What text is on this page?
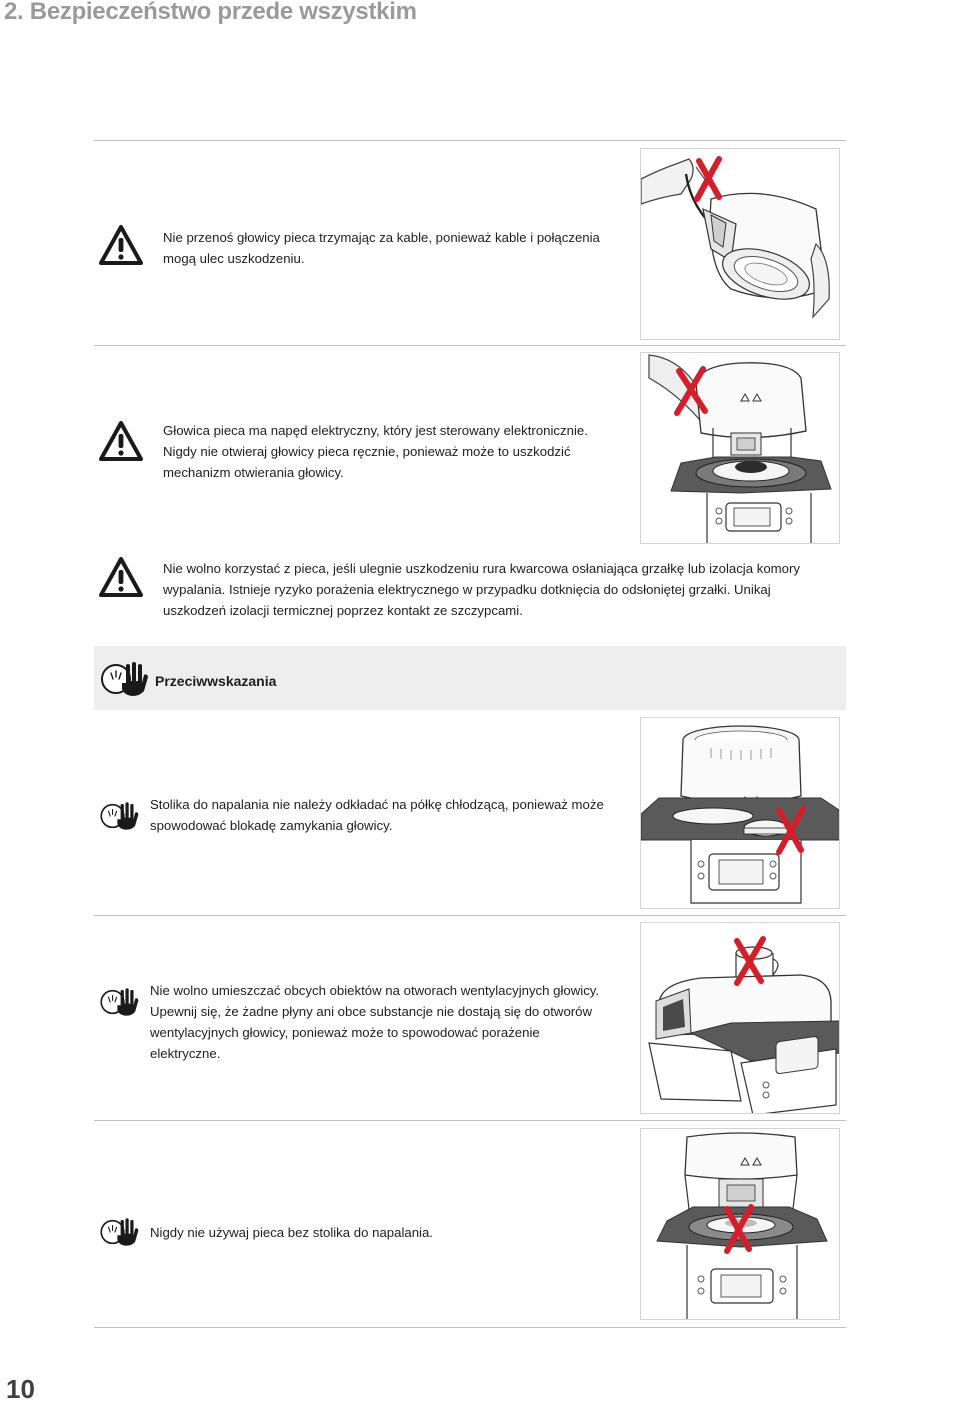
2. Bezpieczeństwo przede wszystkim
Nie przenoś głowicy pieca trzymając za kable, ponieważ kable i połączenia
mogą ulec uszkodzeniu.
Głowica pieca ma napęd elektryczny, który jest sterowany elektronicznie.
Nigdy nie otwieraj głowicy pieca ręcznie, ponieważ może to uszkodzić
mechanizm otwierania głowicy.
Nie wolno korzystać z pieca, jeśli ulegnie uszkodzeniu rura kwarcowa osłaniająca grzałkę lub izolacja komory
wypalania. Istnieje ryzyko porażenia elektrycznego w przypadku dotknięcia do odsłoniętej grzałki. Unikaj
uszkodzeń izolacji termicznej poprzez kontakt ze szczypcami.
Przeciwwskazania
Stolika do napalania nie należy odkładać na półkę chłodzącą, ponieważ może
spowodować blokadę zamykania głowicy.
Nie wolno umieszczać obcych obiektów na otworach wentylacyjnych głowicy.
Upewnij się, że żadne płyny ani obce substancje nie dostają się do otworów
wentylacyjnych głowicy, ponieważ może to spowodować porażenie
elektryczne.
Nigdy nie używaj pieca bez stolika do napalania.
10
